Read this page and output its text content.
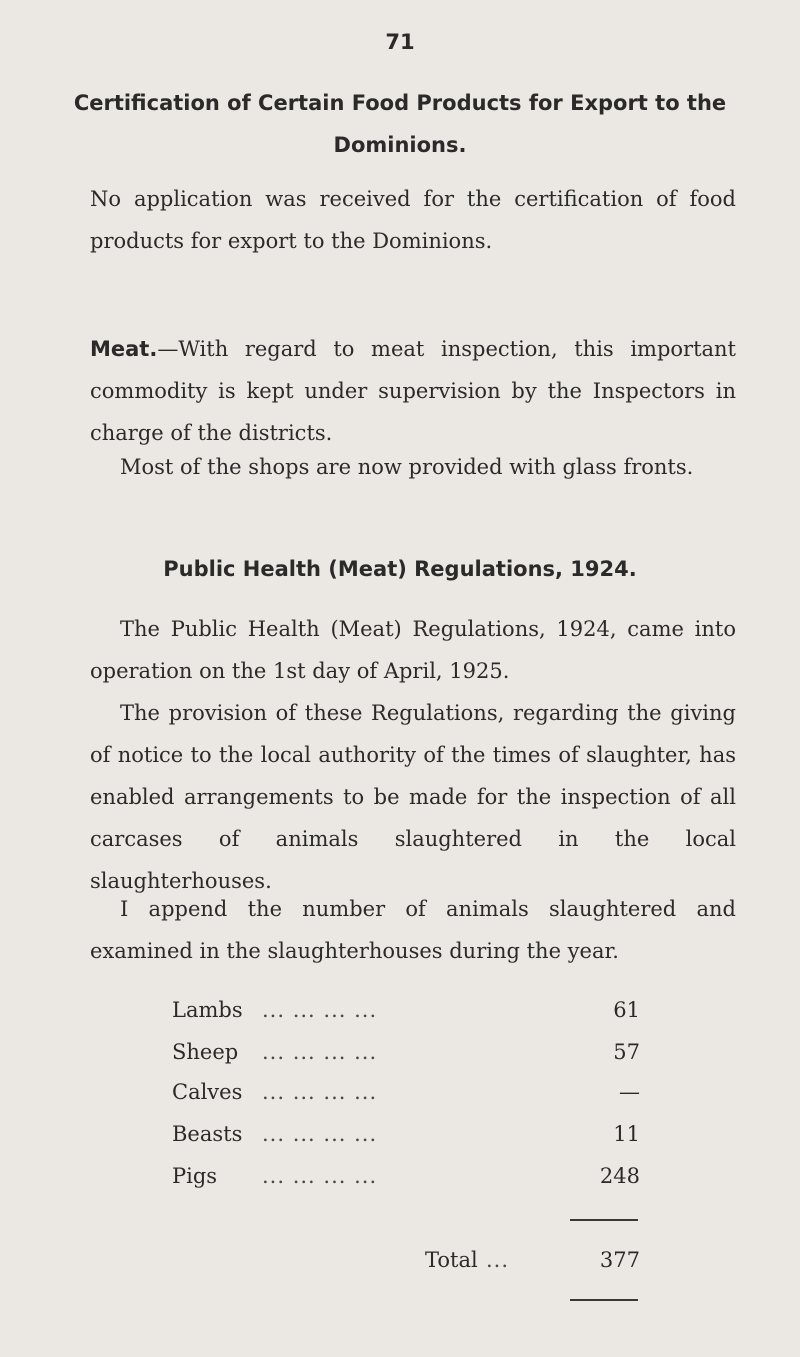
71
Certification of Certain Food Products for Export to the
Dominions.
No application was received for the certification of food products for export to the Dominions.
Meat.—With regard to meat inspection, this important commodity is kept under supervision by the Inspectors in charge of the districts.
Most of the shops are now provided with glass fronts.
Public Health (Meat) Regulations, 1924.
The Public Health (Meat) Regulations, 1924, came into operation on the 1st day of April, 1925.
The provision of these Regulations, regarding the giving of notice to the local authority of the times of slaughter, has enabled arrangements to be made for the inspection of all carcases of animals slaughtered in the local slaughterhouses.
I append the number of animals slaughtered and examined in the slaughterhouses during the year.
Lambs ... ... ... ...	61
Sheep ... ... ... ...	57
Calves ... ... ... ...	—
Beasts ... ... ... ...	11
Pigs ... ... ... ...	248
Total ...	377
